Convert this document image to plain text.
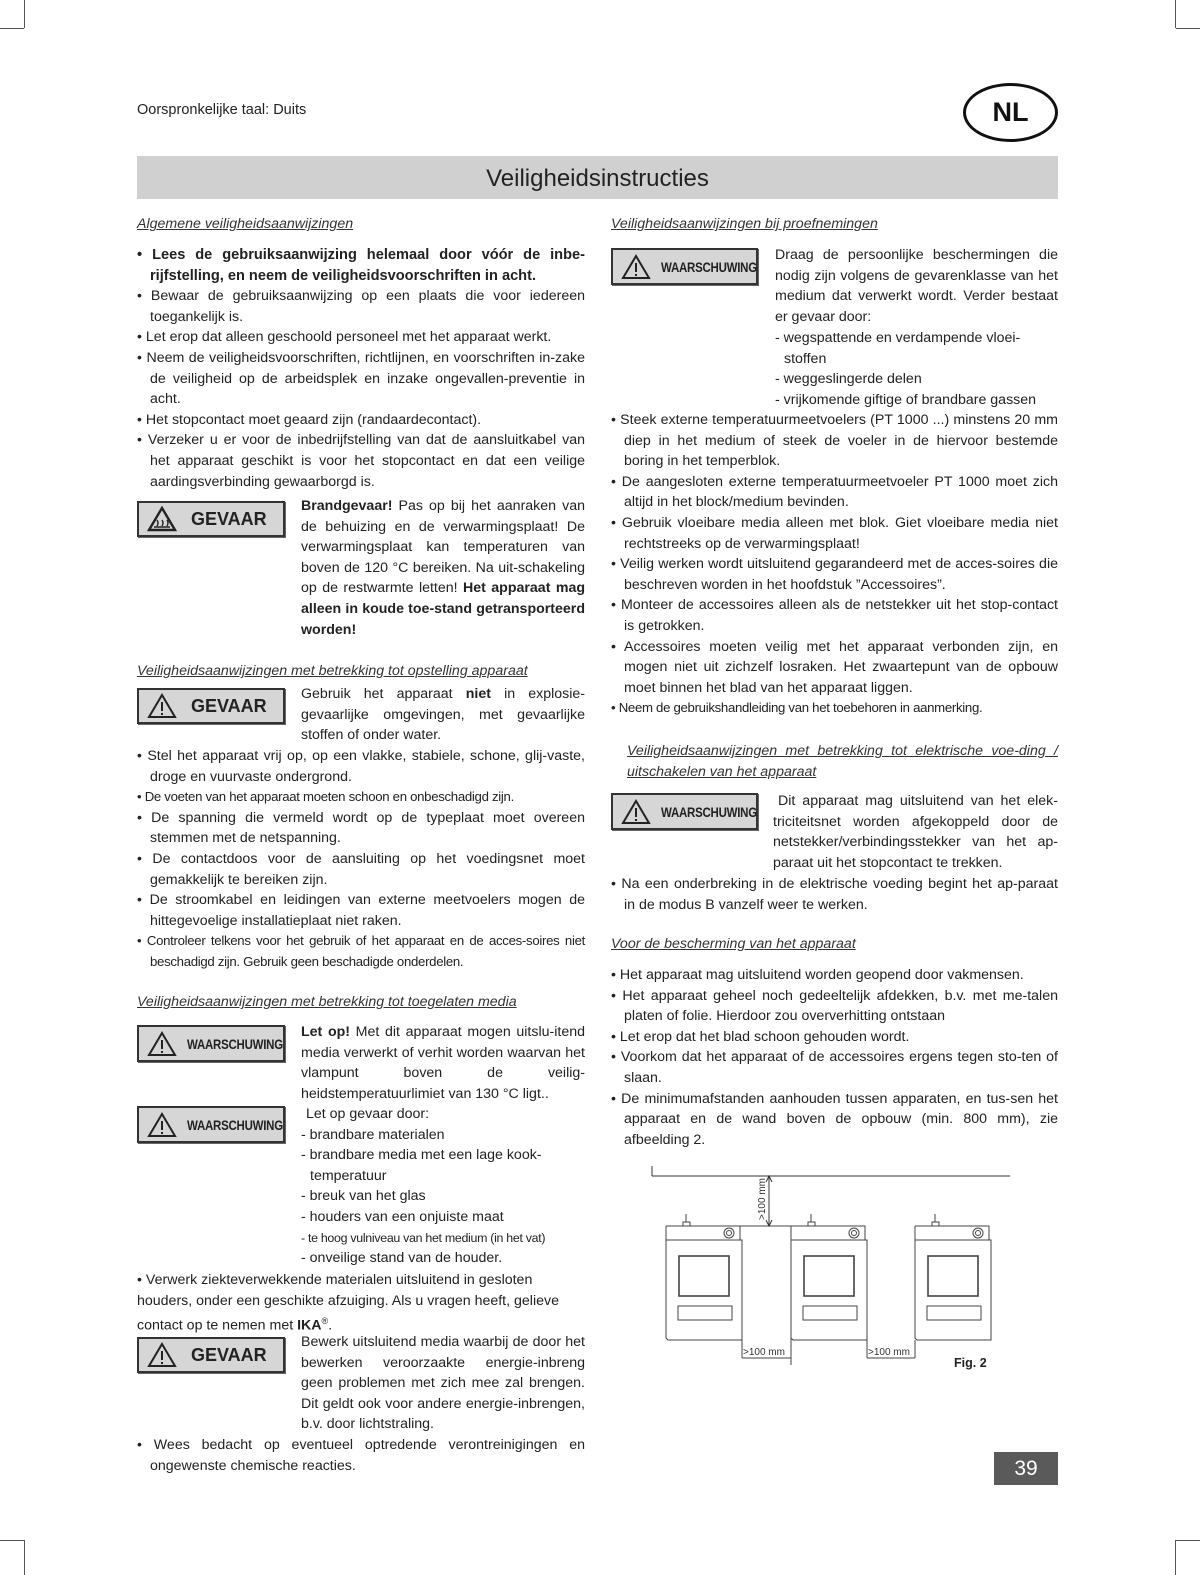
Oorspronkelijke taal: Duits	NL
Veiligheidsinstructies
Algemene veiligheidsaanwijzingen
• Lees de gebruiksaanwijzing helemaal door vóór de inbe-rijfstelling, en neem de veiligheidsvoorschriften in acht.
• Bewaar de gebruiksaanwijzing op een plaats die voor iedereen toegankelijk is.
• Let erop dat alleen geschoold personeel met het apparaat werkt.
• Neem de veiligheidsvoorschriften, richtlijnen, en voorschriften in-zake de veiligheid op de arbeidsplek en inzake ongevallen-preventie in acht.
• Het stopcontact moet geaard zijn (randaardecontact).
• Verzeker u er voor de inbedrijfstelling van dat de aansluitkabel van het apparaat geschikt is voor het stopcontact en dat een veilige aardingsverbinding gewaarborgd is.
GEVAAR
Brandgevaar! Pas op bij het aanraken van de behuizing en de verwarmingsplaat! De verwarmingsplaat kan temperaturen van boven de 120 °C bereiken. Na uit-schakeling op de restwarmte letten! Het apparaat mag alleen in koude toe-stand getransporteerd worden!
Veiligheidsaanwijzingen met betrekking tot opstelling apparaat
GEVAAR
Gebruik het apparaat niet in explosie-gevaarlijke omgevingen, met gevaarlijke stoffen of onder water.
• Stel het apparaat vrij op, op een vlakke, stabiele, schone, glij-vaste, droge en vuurvaste ondergrond.
• De voeten van het apparaat moeten schoon en onbeschadigd zijn.
• De spanning die vermeld wordt op de typeplaat moet overeen stemmen met de netspanning.
• De contactdoos voor de aansluiting op het voedingsnet moet gemakkelijk te bereiken zijn.
• De stroomkabel en leidingen van externe meetvoelers mogen de hittegevoelige installatieplaat niet raken.
• Controleer telkens voor het gebruik of het apparaat en de acces-soires niet beschadigd zijn. Gebruik geen beschadigde onderdelen.
Veiligheidsaanwijzingen met betrekking tot toegelaten media
WAARSCHUWING
WAARSCHUWING
Let op! Met dit apparaat mogen uitslu-itend media verwerkt of verhit worden waarvan het vlampunt boven de veilig-heidstemperatuurlimiet van 130 °C ligt..
Let op gevaar door:
- brandbare materialen
- brandbare media met een lage kook-temperatuur
- breuk van het glas
- houders van een onjuiste maat
- te hoog vulniveau van het medium (in het vat)
- onveilige stand van de houder.
• Verwerk ziekteverwekkende materialen uitsluitend in gesloten houders, onder een geschikte afzuiging. Als u vragen heeft, gelieve contact op te nemen met IKA®.
GEVAAR
Bewerk uitsluitend media waarbij de door het bewerken veroorzaakte energie-inbreng geen problemen met zich mee zal brengen. Dit geldt ook voor andere energie-inbrengen, b.v. door lichtstraling.
• Wees bedacht op eventueel optredende verontreinigingen en ongewenste chemische reacties.
Veiligheidsaanwijzingen bij proefnemingen
WAARSCHUWING
Draag de persoonlijke beschermingen die nodig zijn volgens de gevarenklasse van het medium dat verwerkt wordt. Verder bestaat er gevaar door:
- wegspattende en verdampende vloei-stoffen
- weggeslingerde delen
- vrijkomende giftige of brandbare gassen
• Steek externe temperatuurmeetvoelers (PT 1000 ...) minstens 20 mm diep in het medium of steek de voeler in de hiervoor bestemde boring in het temperblok.
• De aangesloten externe temperatuurmeetvoeler PT 1000 moet zich altijd in het block/medium bevinden.
• Gebruik vloeibare media alleen met blok. Giet vloeibare media niet rechtstreeks op de verwarmingsplaat!
• Veilig werken wordt uitsluitend gegarandeerd met de acces-soires die beschreven worden in het hoofdstuk ”Accessoires”.
• Monteer de accessoires alleen als de netstekker uit het stop-contact is getrokken.
• Accessoires moeten veilig met het apparaat verbonden zijn, en mogen niet uit zichzelf losraken. Het zwaartepunt van de opbouw moet binnen het blad van het apparaat liggen.
• Neem de gebruikshandleiding van het toebehoren in aanmerking.
Veiligheidsaanwijzingen met betrekking tot elektrische voe-ding / uitschakelen van het apparaat
WAARSCHUWING
Dit apparaat mag uitsluitend van het elek-triciteitsnet worden afgekoppeld door de netstekker/verbindingsstekker van het ap-paraat uit het stopcontact te trekken.
• Na een onderbreking in de elektrische voeding begint het ap-paraat in de modus B vanzelf weer te werken.
Voor de bescherming van het apparaat
• Het apparaat mag uitsluitend worden geopend door vakmensen.
• Het apparaat geheel noch gedeeltelijk afdekken, b.v. met me-talen platen of folie. Hierdoor zou oververhitting ontstaan
• Let erop dat het blad schoon gehouden wordt.
• Voorkom dat het apparaat of de accessoires ergens tegen sto-ten of slaan.
• De minimumafstanden aanhouden tussen apparaten, en tus-sen het apparaat en de wand boven de opbouw (min. 800 mm), zie afbeelding 2.
>100 mm
>100 mm	>100 mm
Fig. 2
39
